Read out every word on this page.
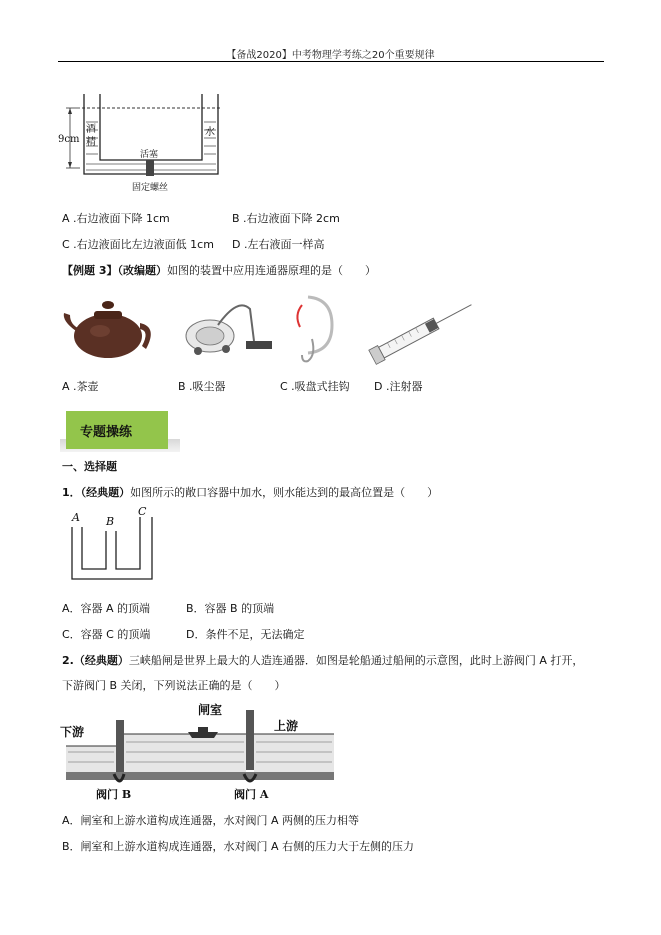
【备战2020】中考物理学考练之20个重要规律
9cm
酒
精
水
活塞
固定螺丝
A .右边液面下降 1cm	B .右边液面下降 2cm
C .右边液面比左边液面低 1cm D .左右液面一样高
【例题 3】（改编题）如图的装置中应用连通器原理的是（　　）
A .茶壶	B .吸尘器	C .吸盘式挂钩 D .注射器
专题操练
一、选择题
1．（经典题）如图所示的敞口容器中加水，则水能达到的最高位置是（　　）
A B
C
A．容器 A 的顶端	B．容器 B 的顶端
C．容器 C 的顶端	D．条件不足，无法确定
2.（经典题）三峡船闸是世界上最大的人造连通器．如图是轮船通过船闸的示意图，此时上游阀门 A 打开，
下游阀门 B 关闭，下列说法正确的是（　　）
下游
闸室
上游
阀门 B	阀门 A
A．闸室和上游水道构成连通器，水对阀门 A 两侧的压力相等
B．闸室和上游水道构成连通器，水对阀门 A 右侧的压力大于左侧的压力
